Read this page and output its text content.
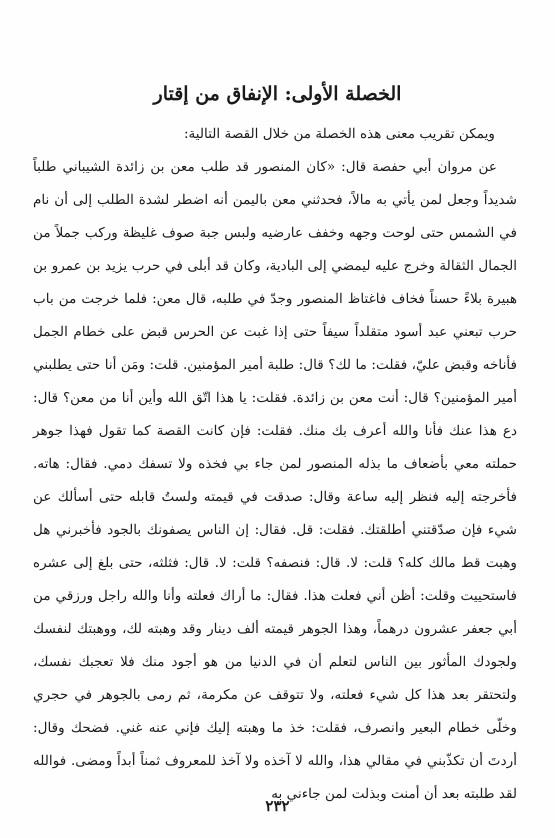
الخصلة الأولى: الإنفاق من إقتار

ويمكن تقريب معنى هذه الخصلة من خلال القصة التالية:

عن مروان أبي حفصة قال: «كان المنصور قد طلب معن بن زائدة الشيباني طلباً شديداً وجعل لمن يأتي به مالاً، فحدثني معن باليمن أنه اضطر لشدة الطلب إلى أن نام في الشمس حتى لوحت وجهه وخفف عارضيه ولبس جبة صوف غليظة وركب جملاً من الجمال الثقالة وخرج عليه ليمضي إلى البادية، وكان قد أبلى في حرب يزيد بن عمرو بن هبيرة بلاءً حسناً فخاف فاغتاظ المنصور وجدّ في طلبه، قال معن: فلما خرجت من باب حرب تبعني عبد أسود متقلداً سيفاً حتى إذا غبت عن الحرس قبض على خطام الجمل فأناخه وقبض عليّ، فقلت: ما لك؟ قال: طلبة أمير المؤمنين. قلت: ومَن أنا حتى يطلبني أمير المؤمنين؟ قال: أنت معن بن زائدة. فقلت: يا هذا اتّق الله وأين أنا من معن؟ قال: دع هذا عنك فأنا والله أعرف بك منك. فقلت: فإن كانت القصة كما تقول فهذا جوهر حملته معي بأضعاف ما بذله المنصور لمن جاء بي فخذه ولا تسفك دمي. فقال: هاته. فأخرجته إليه فنظر إليه ساعة وقال: صدقت في قيمته ولستُ قابله حتى أسألك عن شيء فإن صدّقتني أطلقتك. فقلت: قل. فقال: إن الناس يصفونك بالجود فأخبرني هل وهبت قط مالك كله؟ قلت: لا. قال: فنصفه؟ قلت: لا. قال: فثلثه، حتى بلغ إلى عشره فاستحييت وقلت: أظن أني فعلت هذا. فقال: ما أراك فعلته وأنا والله راجل ورزقي من أبي جعفر عشرون درهماً، وهذا الجوهر قيمته ألف دينار وقد وهبته لك، ووهبتك لنفسك ولجودك المأثور بين الناس لتعلم أن في الدنيا من هو أجود منك فلا تعجبك نفسك، ولتحتقر بعد هذا كل شيء فعلته، ولا تتوقف عن مكرمة، ثم رمى بالجوهر في حجري وخلّى خطام البعير وانصرف، فقلت: خذ ما وهبته إليك فإني عنه غني. فضحك وقال: أردتَ أن تكذّبني في مقالي هذا، والله لا آخذه ولا آخذ للمعروف ثمناً أبداً ومضى. فوالله لقد طلبته بعد أن أمنت وبذلت لمن جاءني به

٢٣٢
